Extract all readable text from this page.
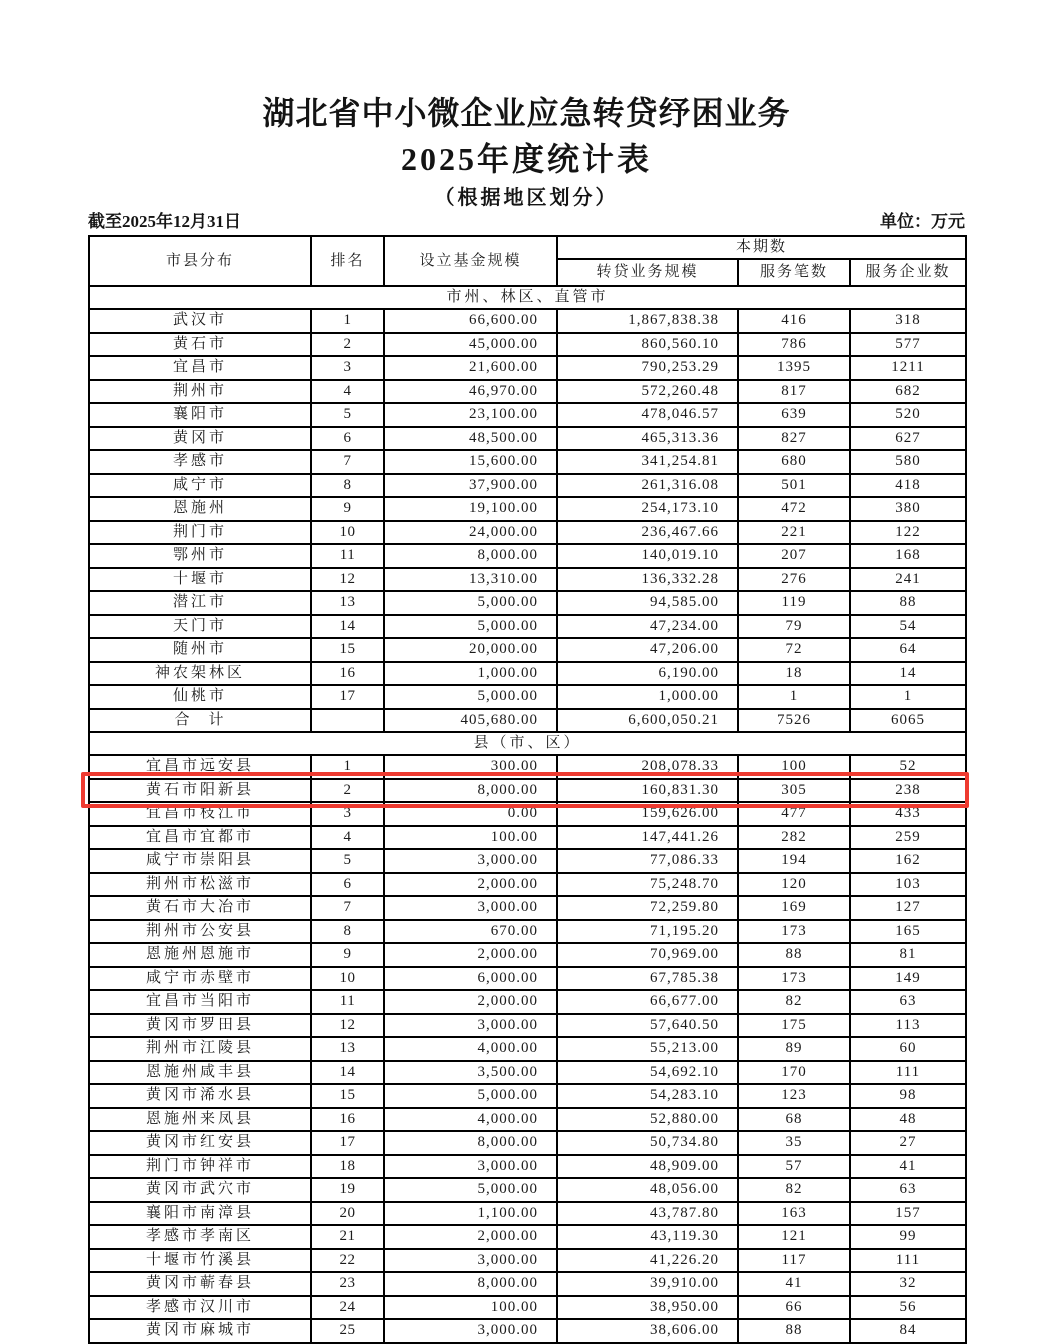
湖北省中小微企业应急转贷纾困业务
2025年度统计表
（根据地区划分）
截至2025年12月31日	单位：万元
市县分布	排名	设立基金规模	本期数		
			转贷业务规模	服务笔数	服务企业数
市州、林区、直管市					
武汉市	1	66,600.00	1,867,838.38	416	318
黄石市	2	45,000.00	860,560.10	786	577
宜昌市	3	21,600.00	790,253.29	1395	1211
荆州市	4	46,970.00	572,260.48	817	682
襄阳市	5	23,100.00	478,046.57	639	520
黄冈市	6	48,500.00	465,313.36	827	627
孝感市	7	15,600.00	341,254.81	680	580
咸宁市	8	37,900.00	261,316.08	501	418
恩施州	9	19,100.00	254,173.10	472	380
荆门市	10	24,000.00	236,467.66	221	122
鄂州市	11	8,000.00	140,019.10	207	168
十堰市	12	13,310.00	136,332.28	276	241
潜江市	13	5,000.00	94,585.00	119	88
天门市	14	5,000.00	47,234.00	79	54
随州市	15	20,000.00	47,206.00	72	64
神农架林区	16	1,000.00	6,190.00	18	14
仙桃市	17	5,000.00	1,000.00	1	1
合　计		405,680.00	6,600,050.21	7526	6065
县（市、区）					
宜昌市远安县	1	300.00	208,078.33	100	52
黄石市阳新县	2	8,000.00	160,831.30	305	238
宜昌市枝江市	3	0.00	159,626.00	477	433
宜昌市宜都市	4	100.00	147,441.26	282	259
咸宁市崇阳县	5	3,000.00	77,086.33	194	162
荆州市松滋市	6	2,000.00	75,248.70	120	103
黄石市大冶市	7	3,000.00	72,259.80	169	127
荆州市公安县	8	670.00	71,195.20	173	165
恩施州恩施市	9	2,000.00	70,969.00	88	81
咸宁市赤壁市	10	6,000.00	67,785.38	173	149
宜昌市当阳市	11	2,000.00	66,677.00	82	63
黄冈市罗田县	12	3,000.00	57,640.50	175	113
荆州市江陵县	13	4,000.00	55,213.00	89	60
恩施州咸丰县	14	3,500.00	54,692.10	170	111
黄冈市浠水县	15	5,000.00	54,283.10	123	98
恩施州来凤县	16	4,000.00	52,880.00	68	48
黄冈市红安县	17	8,000.00	50,734.80	35	27
荆门市钟祥市	18	3,000.00	48,909.00	57	41
黄冈市武穴市	19	5,000.00	48,056.00	82	63
襄阳市南漳县	20	1,100.00	43,787.80	163	157
孝感市孝南区	21	2,000.00	43,119.30	121	99
十堰市竹溪县	22	3,000.00	41,226.20	117	111
黄冈市蕲春县	23	8,000.00	39,910.00	41	32
孝感市汉川市	24	100.00	38,950.00	66	56
黄冈市麻城市	25	3,000.00	38,606.00	88	84
